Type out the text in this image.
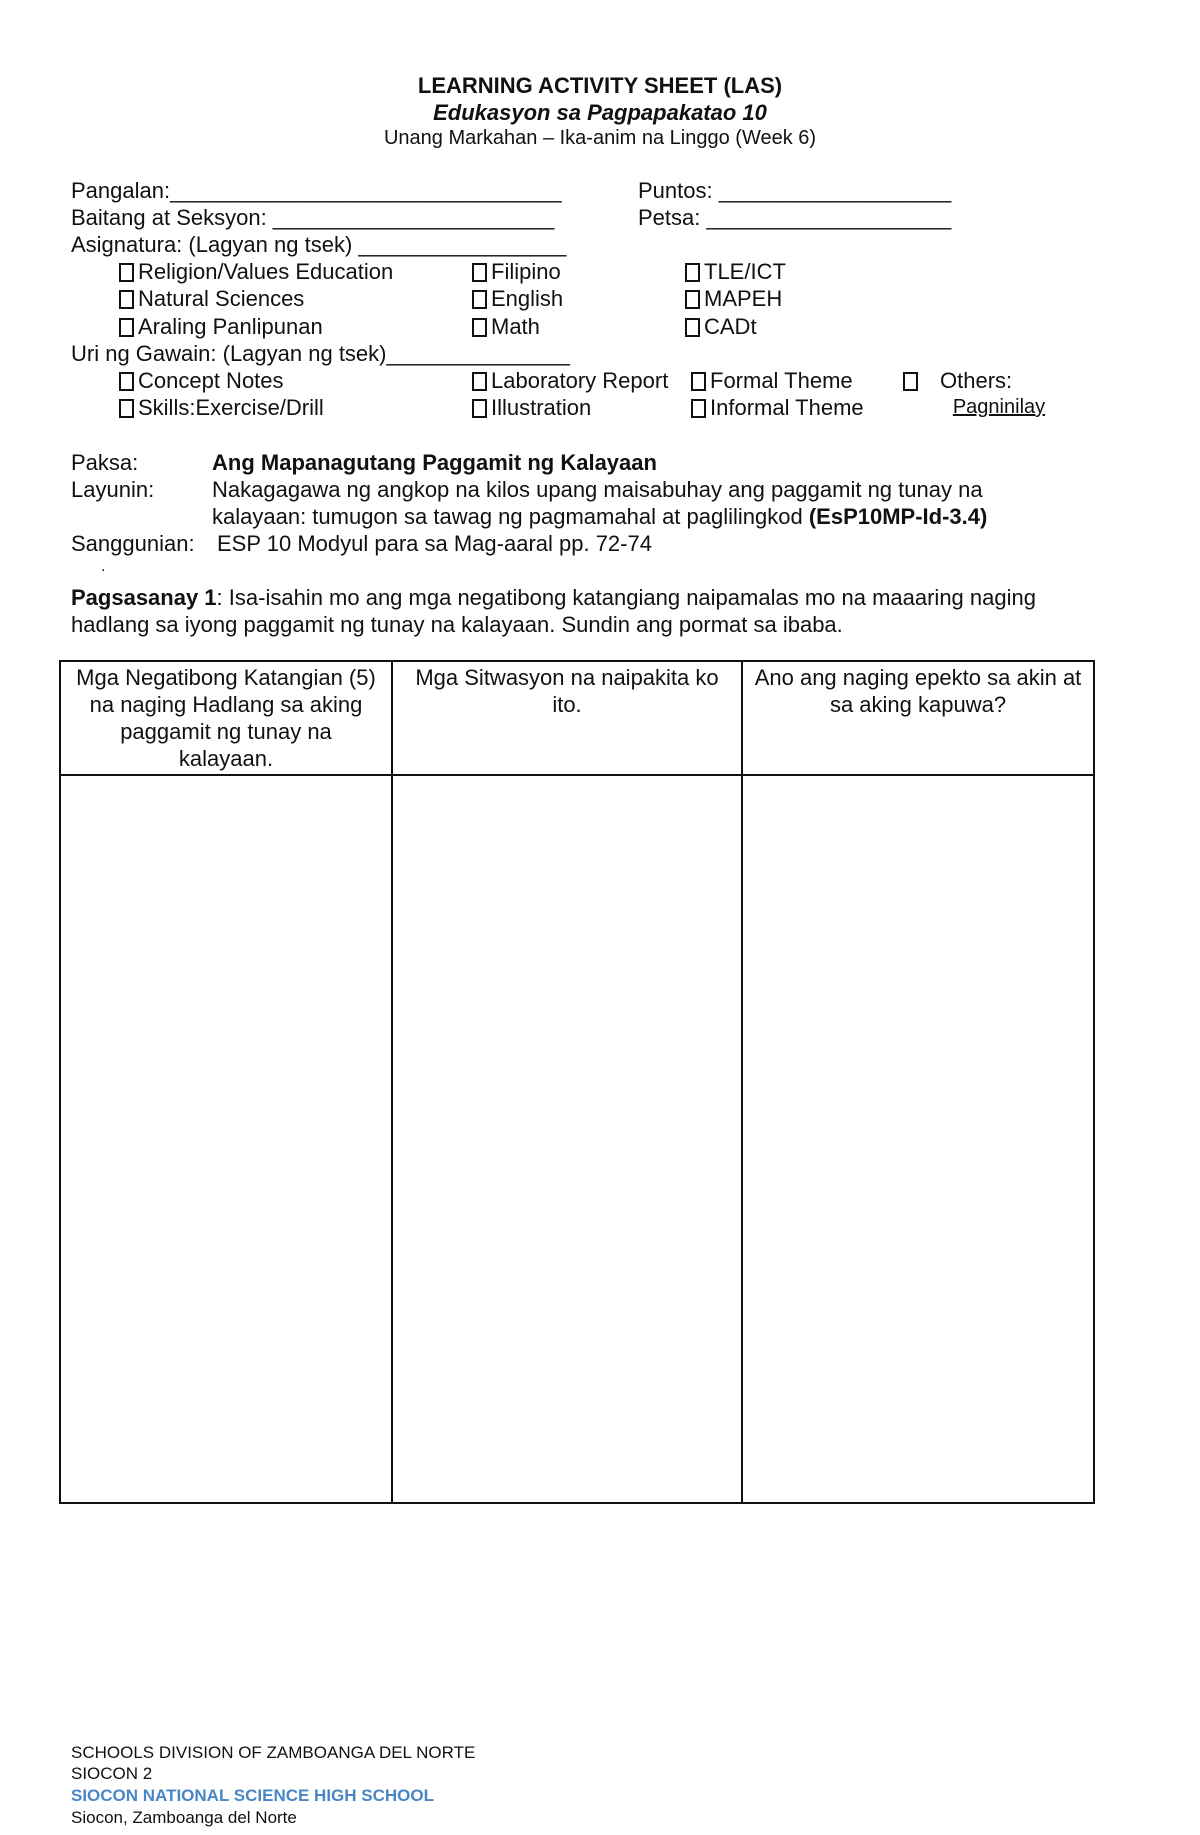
LEARNING ACTIVITY SHEET (LAS)
Edukasyon sa Pagpapakatao 10
Unang Markahan – Ika-anim na Linggo (Week 6)
Pangalan:________________________________	Puntos: ___________________
Baitang at Seksyon: _______________________	Petsa: ____________________
Asignatura: (Lagyan ng tsek) _________________
Religion/Values Education
Natural Sciences
Araling Panlipunan
Filipino
English
Math
TLE/ICT
MAPEH
CADt
Uri ng Gawain: (Lagyan ng tsek)_______________
Concept Notes
Skills:Exercise/Drill
Laboratory Report
Illustration
Formal Theme
Informal Theme
Others:
Pagninilay
Paksa:	Ang Mapanagutang Paggamit ng Kalayaan
Layunin:	Nakagagawa ng angkop na kilos upang maisabuhay ang paggamit ng tunay na
kalayaan: tumugon sa tawag ng pagmamahal at paglilingkod (EsP10MP-Id-3.4)
Sanggunian: ESP 10 Modyul para sa Mag-aaral pp. 72-74
.
Pagsasanay 1: Isa-isahin mo ang mga negatibong katangiang naipamalas mo na maaaring naging
hadlang sa iyong paggamit ng tunay na kalayaan. Sundin ang pormat sa ibaba.
Mga Negatibong Katangian (5) na naging Hadlang sa aking paggamit ng tunay na kalayaan.	Mga Sitwasyon na naipakita ko ito.	Ano ang naging epekto sa akin at sa aking kapuwa?

SCHOOLS DIVISION OF ZAMBOANGA DEL NORTE
SIOCON 2
SIOCON NATIONAL SCIENCE HIGH SCHOOL
Siocon, Zamboanga del Norte
